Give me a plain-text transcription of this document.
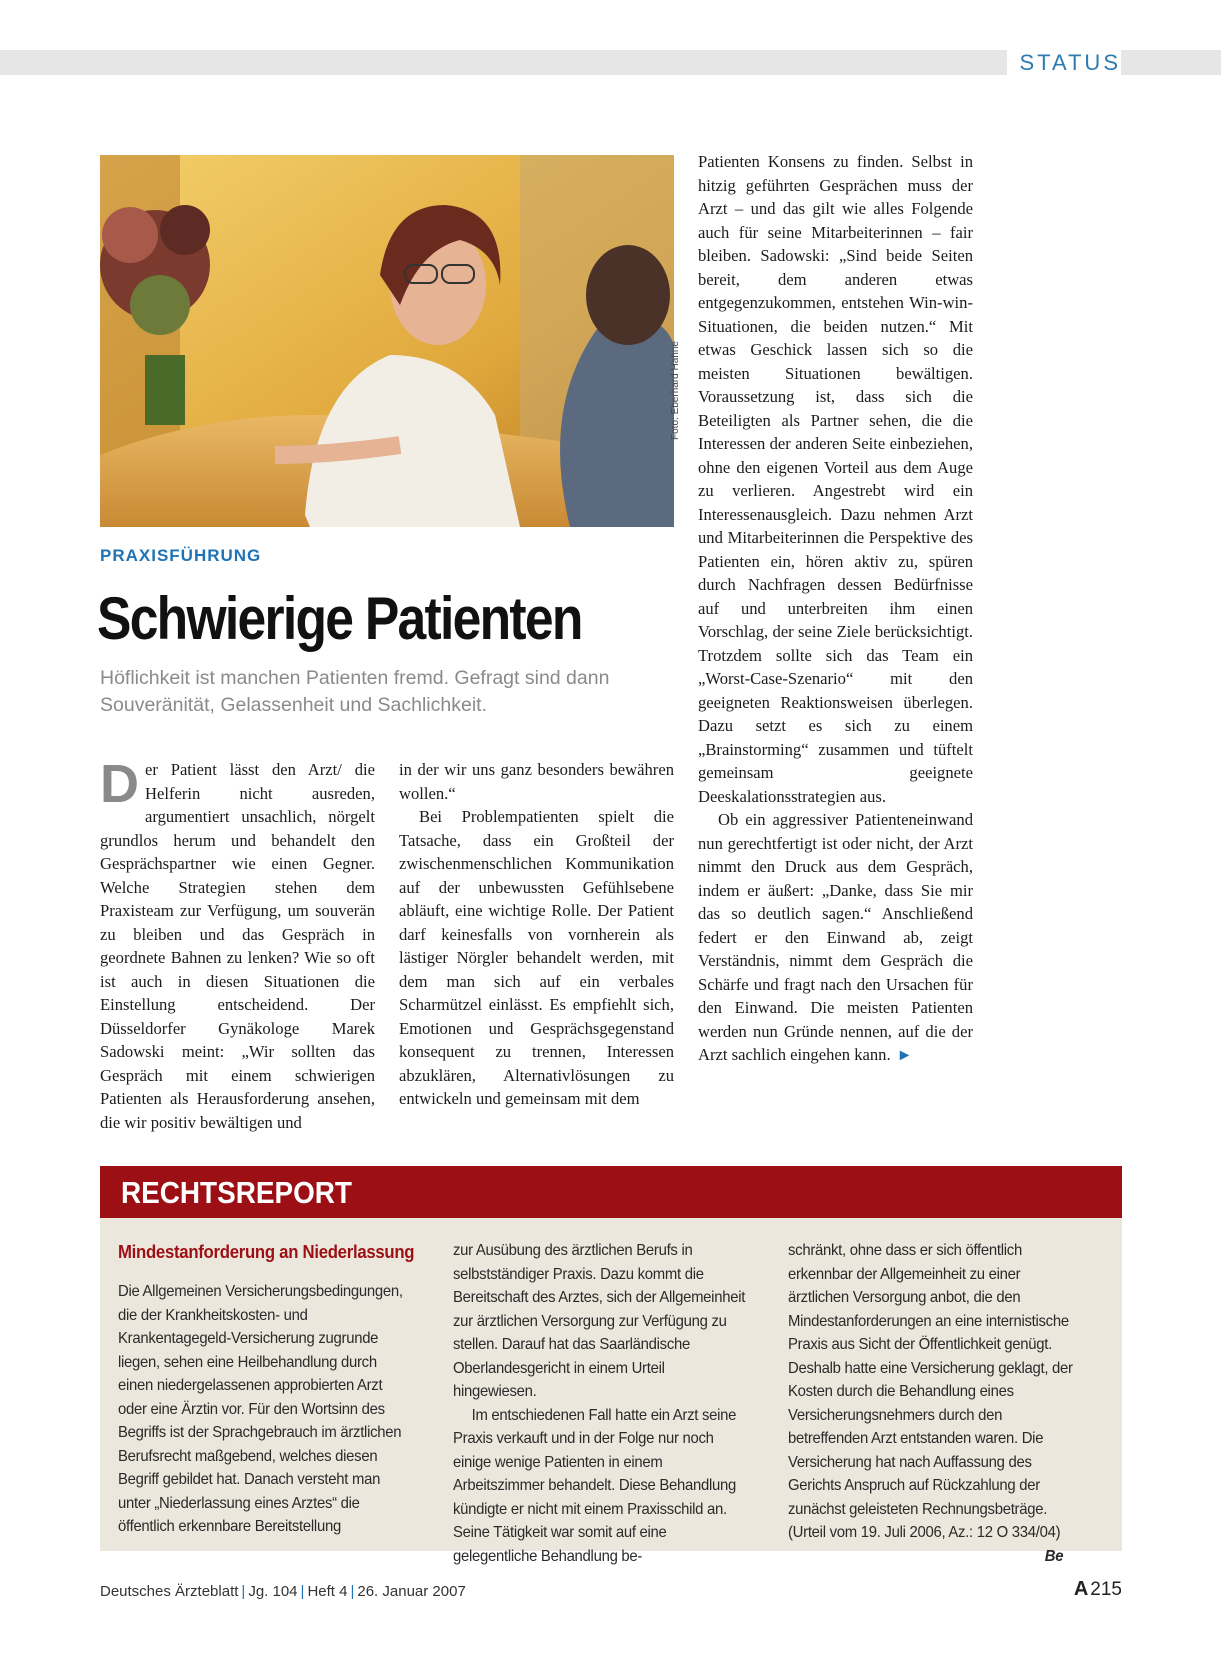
STATUS
Foto: Eberhard Hahne
PRAXISFÜHRUNG
Schwierige Patienten
Höflichkeit ist manchen Patienten fremd. Gefragt sind dann Souveränität, Gelassenheit und Sachlichkeit.

Der Patient lässt den Arzt/ die Helferin nicht ausreden, argumentiert unsachlich, nörgelt grundlos herum und behandelt den Gesprächspartner wie einen Gegner. Welche Strategien stehen dem Praxisteam zur Verfügung, um souverän zu bleiben und das Gespräch in geordnete Bahnen zu lenken? Wie so oft ist auch in diesen Situationen die Einstellung entscheidend. Der Düsseldorfer Gynäkologe Marek Sadowski meint: „Wir sollten das Gespräch mit einem schwierigen Patienten als Herausforderung ansehen, die wir positiv bewältigen und

in der wir uns ganz besonders bewähren wollen.“

Bei Problempatienten spielt die Tatsache, dass ein Großteil der zwischenmenschlichen Kommunikation auf der unbewussten Gefühlsebene abläuft, eine wichtige Rolle. Der Patient darf keinesfalls von vornherein als lästiger Nörgler behandelt werden, mit dem man sich auf ein verbales Scharmützel einlässt. Es empfiehlt sich, Emotionen und Gesprächsgegenstand konsequent zu trennen, Interessen abzuklären, Alternativlösungen zu entwickeln und gemeinsam mit dem

Patienten Konsens zu finden. Selbst in hitzig geführten Gesprächen muss der Arzt – und das gilt wie alles Folgende auch für seine Mitarbeiterinnen – fair bleiben. Sadowski: „Sind beide Seiten bereit, dem anderen etwas entgegenzukommen, entstehen Win-win-Situationen, die beiden nutzen.“ Mit etwas Geschick lassen sich so die meisten Situationen bewältigen. Voraussetzung ist, dass sich die Beteiligten als Partner sehen, die die Interessen der anderen Seite einbeziehen, ohne den eigenen Vorteil aus dem Auge zu verlieren. Angestrebt wird ein Interessenausgleich. Dazu nehmen Arzt und Mitarbeiterinnen die Perspektive des Patienten ein, hören aktiv zu, spüren durch Nachfragen dessen Bedürfnisse auf und unterbreiten ihm einen Vorschlag, der seine Ziele berücksichtigt. Trotzdem sollte sich das Team ein „Worst-Case-Szenario“ mit den geeigneten Reaktionsweisen überlegen. Dazu setzt es sich zu einem „Brainstorming“ zusammen und tüftelt gemeinsam geeignete Deeskalationsstrategien aus.

Ob ein aggressiver Patienteneinwand nun gerechtfertigt ist oder nicht, der Arzt nimmt den Druck aus dem Gespräch, indem er äußert: „Danke, dass Sie mir das so deutlich sagen.“ Anschließend federt er den Einwand ab, zeigt Verständnis, nimmt dem Gespräch die Schärfe und fragt nach den Ursachen für den Einwand. Die meisten Patienten werden nun Gründe nennen, auf die der Arzt sachlich eingehen kann. ►

RECHTSREPORT
Mindestanforderung an Niederlassung

Die Allgemeinen Versicherungsbedingungen, die der Krankheitskosten- und Krankentagegeld-Versicherung zugrunde liegen, sehen eine Heilbehandlung durch einen niedergelassenen approbierten Arzt oder eine Ärztin vor. Für den Wortsinn des Begriffs ist der Sprachgebrauch im ärztlichen Berufsrecht maßgebend, welches diesen Begriff gebildet hat. Danach versteht man unter „Niederlassung eines Arztes“ die öffentlich erkennbare Bereitstellung

zur Ausübung des ärztlichen Berufs in selbstständiger Praxis. Dazu kommt die Bereitschaft des Arztes, sich der Allgemeinheit zur ärztlichen Versorgung zur Verfügung zu stellen. Darauf hat das Saarländische Oberlandesgericht in einem Urteil hingewiesen.

Im entschiedenen Fall hatte ein Arzt seine Praxis verkauft und in der Folge nur noch einige wenige Patienten in einem Arbeitszimmer behandelt. Diese Behandlung kündigte er nicht mit einem Praxisschild an. Seine Tätigkeit war somit auf eine gelegentliche Behandlung be-

schränkt, ohne dass er sich öffentlich erkennbar der Allgemeinheit zu einer ärztlichen Versorgung anbot, die den Mindestanforderungen an eine internistische Praxis aus Sicht der Öffentlichkeit genügt. Deshalb hatte eine Versicherung geklagt, der Kosten durch die Behandlung eines Versicherungsnehmers durch den betreffenden Arzt entstanden waren. Die Versicherung hat nach Auffassung des Gerichts Anspruch auf Rückzahlung der zunächst geleisteten Rechnungsbeträge. (Urteil vom 19. Juli 2006, Az.: 12 O 334/04)
Be

Deutsches Ärzteblatt | Jg. 104 | Heft 4 | 26. Januar 2007	A 215
